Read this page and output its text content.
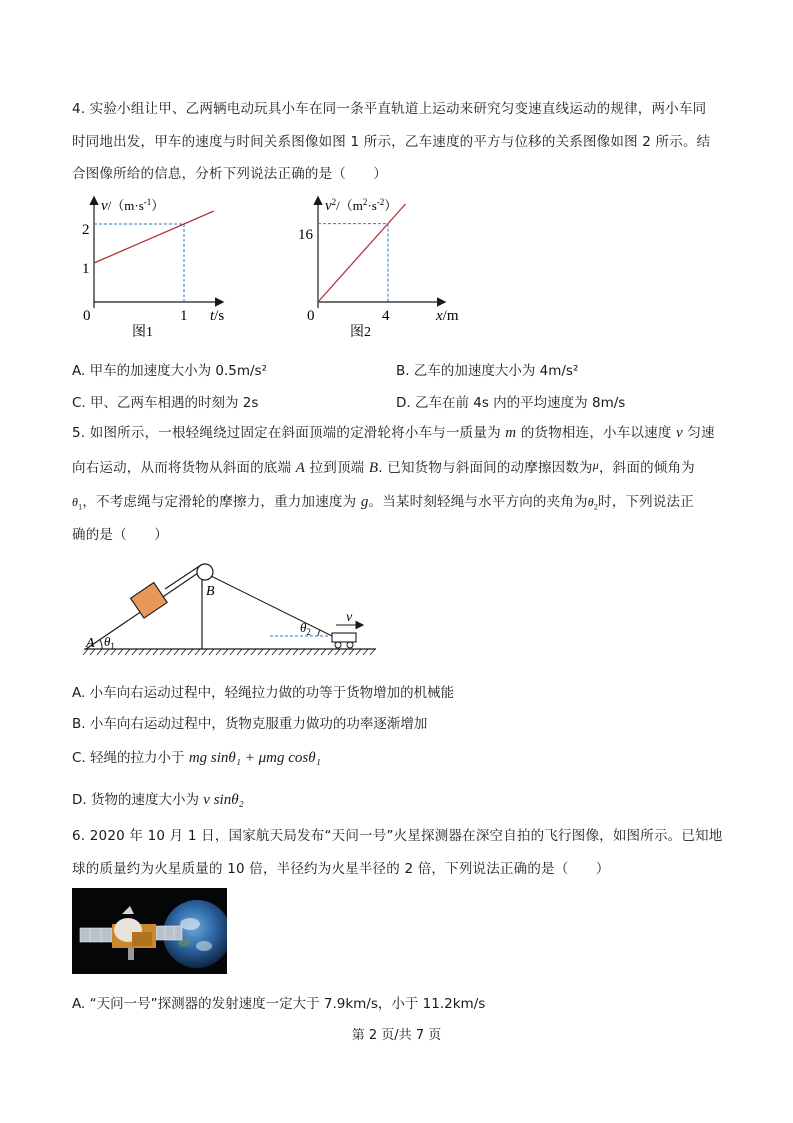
4. 实验小组让甲、乙两辆电动玩具小车在同一条平直轨道上运动来研究匀变速直线运动的规律，两小车同
时同地出发，甲车的速度与时间关系图像如图 1 所示，乙车速度的平方与位移的关系图像如图 2 所示。结
合图像所给的信息，分析下列说法正确的是（　　）
$v/(m\cdot s^{-1})$
2
1
0	1 t/s
图1
$v^2/(m^2\cdot s^{-2})$
16
0	4	x/m
图2
A. 甲车的加速度大小为 0.5m/s²	B. 乙车的加速度大小为 4m/s²
C. 甲、乙两车相遇的时刻为 2s	D. 乙车在前 4s 内的平均速度为 8m/s
5. 如图所示，一根轻绳绕过固定在斜面顶端的定滑轮将小车与一质量为 m 的货物相连，小车以速度 v 匀速
向右运动，从而将货物从斜面的底端 A 拉到顶端 B. 已知货物与斜面间的动摩擦因数为μ，斜面的倾角为
$\theta_1$，不考虑绳与定滑轮的摩擦力，重力加速度为 g。当某时刻轻绳与水平方向的夹角为$\theta_2$时，下列说法正
确的是（　　）
A $\theta_1$
B
$\theta_2$
v
A. 小车向右运动过程中，轻绳拉力做的功等于货物增加的机械能
B. 小车向右运动过程中，货物克服重力做功的功率逐渐增加
C. 轻绳的拉力小于 mg sinθ₁ + μmg cosθ₁
D. 货物的速度大小为 v sinθ₂
6. 2020 年 10 月 1 日，国家航天局发布“天问一号”火星探测器在深空自拍的飞行图像，如图所示。已知地
球的质量约为火星质量的 10 倍，半径约为火星半径的 2 倍，下列说法正确的是（　　）
A. “天问一号”探测器的发射速度一定大于 7.9km/s，小于 11.2km/s
第 2 页/共 7 页
